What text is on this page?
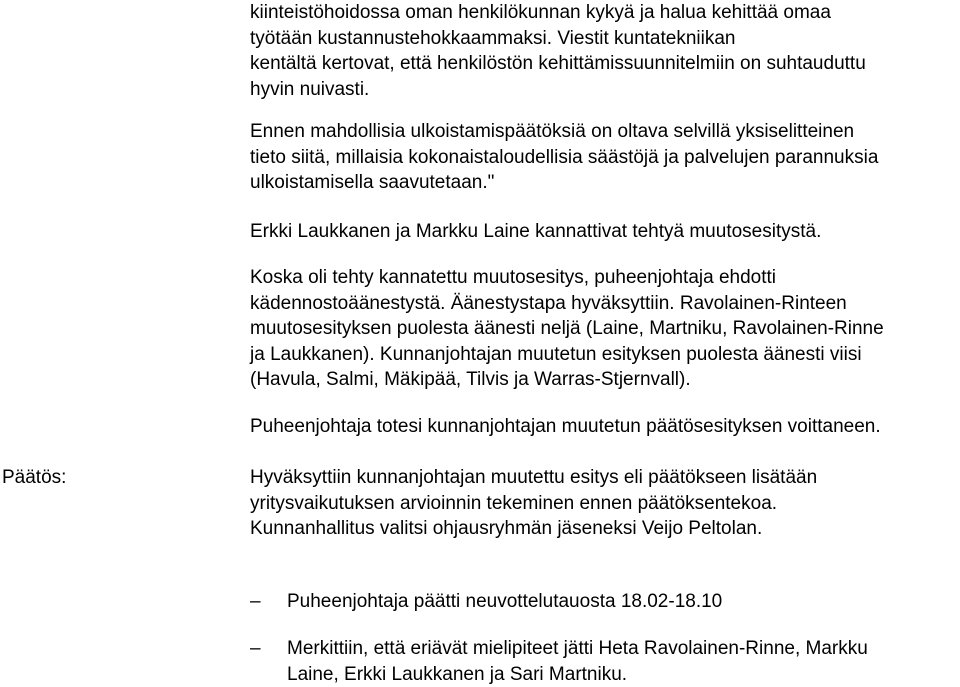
kiinteistöhoidossa oman henkilökunnan kykyä ja halua kehittää omaa
työtään kustannustehokkaammaksi. Viestit kuntatekniikan
kentältä kertovat, että henkilöstön kehittämissuunnitelmiin on suhtauduttu
hyvin nuivasti.
Ennen mahdollisia ulkoistamispäätöksiä on oltava selvillä yksiselitteinen
tieto siitä, millaisia kokonaistaloudellisia säästöjä ja palvelujen parannuksia
ulkoistamisella saavutetaan."
Erkki Laukkanen ja Markku Laine kannattivat tehtyä muutosesitystä.
Koska oli tehty kannatettu muutosesitys, puheenjohtaja ehdotti
kädennostoäänestystä. Äänestystapa hyväksyttiin. Ravolainen-Rinteen
muutosesityksen puolesta äänesti neljä (Laine, Martniku, Ravolainen-Rinne
ja Laukkanen). Kunnanjohtajan muutetun esityksen puolesta äänesti viisi
(Havula, Salmi, Mäkipää, Tilvis ja Warras-Stjernvall).
Puheenjohtaja totesi kunnanjohtajan muutetun päätösesityksen voittaneen.
Päätös:	Hyväksyttiin kunnanjohtajan muutettu esitys eli päätökseen lisätään
yritysvaikutuksen arvioinnin tekeminen ennen päätöksentekoa.
Kunnanhallitus valitsi ohjausryhmän jäseneksi Veijo Peltolan.
– Puheenjohtaja päätti neuvottelutauosta 18.02-18.10
– Merkittiin, että eriävät mielipiteet jätti Heta Ravolainen-Rinne, Markku
Laine, Erkki Laukkanen ja Sari Martniku.
